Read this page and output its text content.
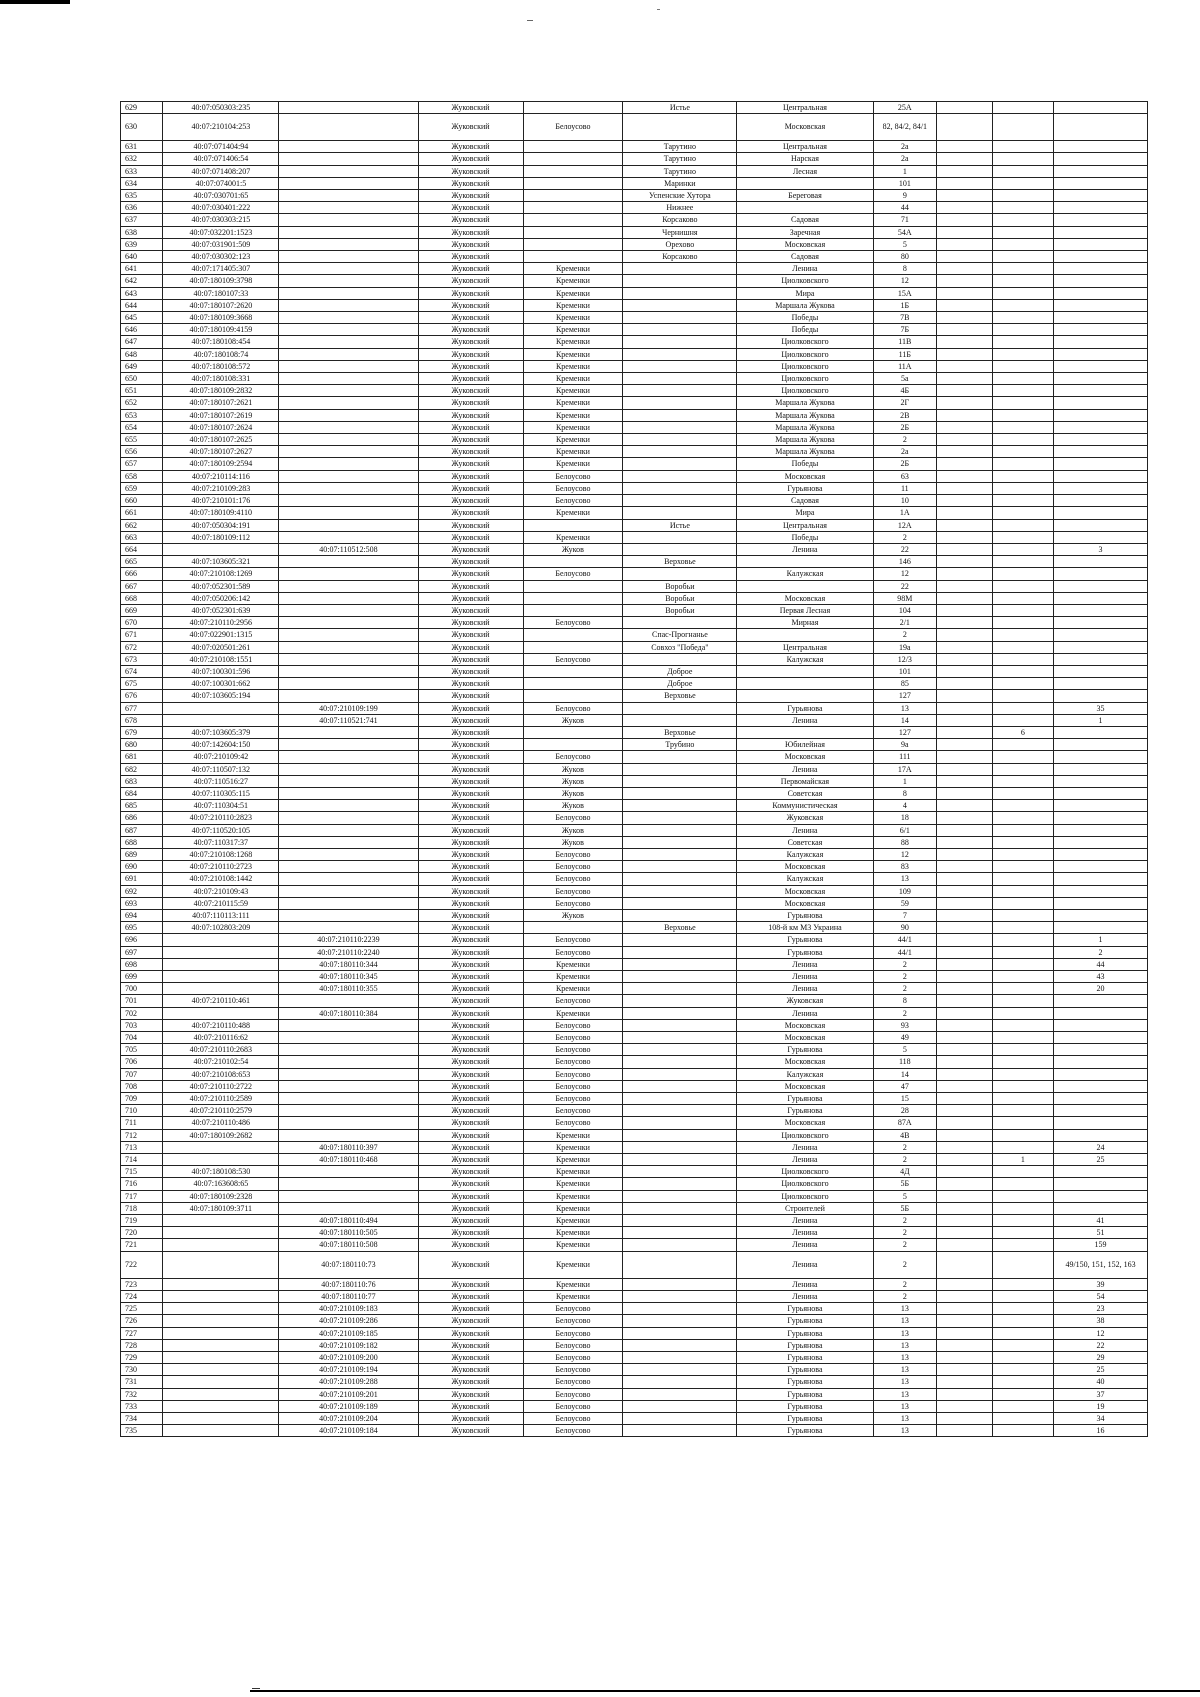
629	40:07:050303:235		Жуковский		Истье	Центральная	25А			
630	40:07:210104:253		Жуковский	Белоусово		Московская	82, 84/2, 84/1			
631	40:07:071404:94		Жуковский		Тарутино	Центральная	2а			
632	40:07:071406:54		Жуковский		Тарутино	Нарская	2а			
633	40:07:071408:207		Жуковский		Тарутино	Лесная	1			
634	40:07:074001:5		Жуковский		Маринки		101			
635	40:07:030701:65		Жуковский		Успенские Хутора	Береговая	9			
636	40:07:030401:222		Жуковский		Нижнее		44			
637	40:07:030303:215		Жуковский		Корсаково	Садовая	71			
638	40:07:032201:1523		Жуковский		Чернишня	Заречная	54А			
639	40:07:031901:509		Жуковский		Орехово	Московская	5			
640	40:07:030302:123		Жуковский		Корсаково	Садовая	80			
641	40:07:171405:307		Жуковский	Кременки		Ленина	8			
642	40:07:180109:3798		Жуковский	Кременки		Циолковского	12			
643	40:07:180107:33		Жуковский	Кременки		Мира	15А			
644	40:07:180107:2620		Жуковский	Кременки		Маршала Жукова	1Б			
645	40:07:180109:3668		Жуковский	Кременки		Победы	7В			
646	40:07:180109:4159		Жуковский	Кременки		Победы	7Б			
647	40:07:180108:454		Жуковский	Кременки		Циолковского	11В			
648	40:07:180108:74		Жуковский	Кременки		Циолковского	11Б			
649	40:07:180108:572		Жуковский	Кременки		Циолковского	11А			
650	40:07:180108:331		Жуковский	Кременки		Циолковского	5а			
651	40:07:180109:2832		Жуковский	Кременки		Циолковского	4Б			
652	40:07:180107:2621		Жуковский	Кременки		Маршала Жукова	2Г			
653	40:07:180107:2619		Жуковский	Кременки		Маршала Жукова	2В			
654	40:07:180107:2624		Жуковский	Кременки		Маршала Жукова	2Б			
655	40:07:180107:2625		Жуковский	Кременки		Маршала Жукова	2			
656	40:07:180107:2627		Жуковский	Кременки		Маршала Жукова	2а			
657	40:07:180109:2594		Жуковский	Кременки		Победы	2Б			
658	40:07:210114:116		Жуковский	Белоусово		Московская	63			
659	40:07:210109:283		Жуковский	Белоусово		Гурьянова	11			
660	40:07:210101:176		Жуковский	Белоусово		Садовая	10			
661	40:07:180109:4110		Жуковский	Кременки		Мира	1А			
662	40:07:050304:191		Жуковский		Истье	Центральная	12А			
663	40:07:180109:112		Жуковский	Кременки		Победы	2			
664		40:07:110512:508	Жуковский	Жуков		Ленина	22			3
665	40:07:103605:321		Жуковский		Верховье		146			
666	40:07:210108:1269		Жуковский	Белоусово		Калужская	12			
667	40:07:052301:589		Жуковский		Воробьи		22			
668	40:07:050206:142		Жуковский		Воробьи	Московская	98М			
669	40:07:052301:639		Жуковский		Воробьи	Первая Лесная	104			
670	40:07:210110:2956		Жуковский	Белоусово		Мирная	2/1			
671	40:07:022901:1315		Жуковский		Спас-Прогнанье		2			
672	40:07:020501:261		Жуковский		Совхоз "Победа"	Центральная	19а			
673	40:07:210108:1551		Жуковский	Белоусово		Калужская	12/3			
674	40:07:100301:596		Жуковский		Доброе		101			
675	40:07:100301:662		Жуковский		Доброе		85			
676	40:07:103605:194		Жуковский		Верховье		127			
677		40:07:210109:199	Жуковский	Белоусово		Гурьянова	13			35
678		40:07:110521:741	Жуковский	Жуков		Ленина	14			1
679	40:07:103605:379		Жуковский		Верховье		127		6	
680	40:07:142604:150		Жуковский		Трубино	Юбилейная	9а			
681	40:07:210109:42		Жуковский	Белоусово		Московская	111			
682	40:07:110507:132		Жуковский	Жуков		Ленина	17А			
683	40:07:110516:27		Жуковский	Жуков		Первомайская	1			
684	40:07:110305:115		Жуковский	Жуков		Советская	8			
685	40:07:110304:51		Жуковский	Жуков		Коммунистическая	4			
686	40:07:210110:2823		Жуковский	Белоусово		Жуковская	18			
687	40:07:110520:105		Жуковский	Жуков		Ленина	6/1			
688	40:07:110317:37		Жуковский	Жуков		Советская	88			
689	40:07:210108:1268		Жуковский	Белоусово		Калужская	12			
690	40:07:210110:2723		Жуковский	Белоусово		Московская	83			
691	40:07:210108:1442		Жуковский	Белоусово		Калужская	13			
692	40:07:210109:43		Жуковский	Белоусово		Московская	109			
693	40:07:210115:59		Жуковский	Белоусово		Московская	59			
694	40:07:110113:111		Жуковский	Жуков		Гурьянова	7			
695	40:07:102803:209		Жуковский		Верховье	108-й км М3 Украина	90			
696		40:07:210110:2239	Жуковский	Белоусово		Гурьянова	44/1			1
697		40:07:210110:2240	Жуковский	Белоусово		Гурьянова	44/1			2
698		40:07:180110:344	Жуковский	Кременки		Ленина	2			44
699		40:07:180110:345	Жуковский	Кременки		Ленина	2			43
700		40:07:180110:355	Жуковский	Кременки		Ленина	2			20
701	40:07:210110:461		Жуковский	Белоусово		Жуковская	8			
702		40:07:180110:384	Жуковский	Кременки		Ленина	2			
703	40:07:210110:488		Жуковский	Белоусово		Московская	93			
704	40:07:210116:62		Жуковский	Белоусово		Московская	49			
705	40:07:210110:2683		Жуковский	Белоусово		Гурьянова	5			
706	40:07:210102:54		Жуковский	Белоусово		Московская	118			
707	40:07:210108:653		Жуковский	Белоусово		Калужская	14			
708	40:07:210110:2722		Жуковский	Белоусово		Московская	47			
709	40:07:210110:2589		Жуковский	Белоусово		Гурьянова	15			
710	40:07:210110:2579		Жуковский	Белоусово		Гурьянова	28			
711	40:07:210110:486		Жуковский	Белоусово		Московская	87А			
712	40:07:180109:2682		Жуковский	Кременки		Циолковского	4В			
713		40:07:180110:397	Жуковский	Кременки		Ленина	2			24
714		40:07:180110:468	Жуковский	Кременки		Ленина	2		1	25
715	40:07:180108:530		Жуковский	Кременки		Циолковского	4Д			
716	40:07:163608:65		Жуковский	Кременки		Циолковского	5Б			
717	40:07:180109:2328		Жуковский	Кременки		Циолковского	5			
718	40:07:180109:3711		Жуковский	Кременки		Строителей	5Б			
719		40:07:180110:494	Жуковский	Кременки		Ленина	2			41
720		40:07:180110:505	Жуковский	Кременки		Ленина	2			51
721		40:07:180110:508	Жуковский	Кременки		Ленина	2			159
722		40:07:180110:73	Жуковский	Кременки		Ленина	2			49/150, 151, 152, 163
723		40:07:180110:76	Жуковский	Кременки		Ленина	2			39
724		40:07:180110:77	Жуковский	Кременки		Ленина	2			54
725		40:07:210109:183	Жуковский	Белоусово		Гурьянова	13			23
726		40:07:210109:286	Жуковский	Белоусово		Гурьянова	13			38
727		40:07:210109:185	Жуковский	Белоусово		Гурьянова	13			12
728		40:07:210109:182	Жуковский	Белоусово		Гурьянова	13			22
729		40:07:210109:200	Жуковский	Белоусово		Гурьянова	13			29
730		40:07:210109:194	Жуковский	Белоусово		Гурьянова	13			25
731		40:07:210109:288	Жуковский	Белоусово		Гурьянова	13			40
732		40:07:210109:201	Жуковский	Белоусово		Гурьянова	13			37
733		40:07:210109:189	Жуковский	Белоусово		Гурьянова	13			19
734		40:07:210109:204	Жуковский	Белоусово		Гурьянова	13			34
735		40:07:210109:184	Жуковский	Белоусово		Гурьянова	13			16
